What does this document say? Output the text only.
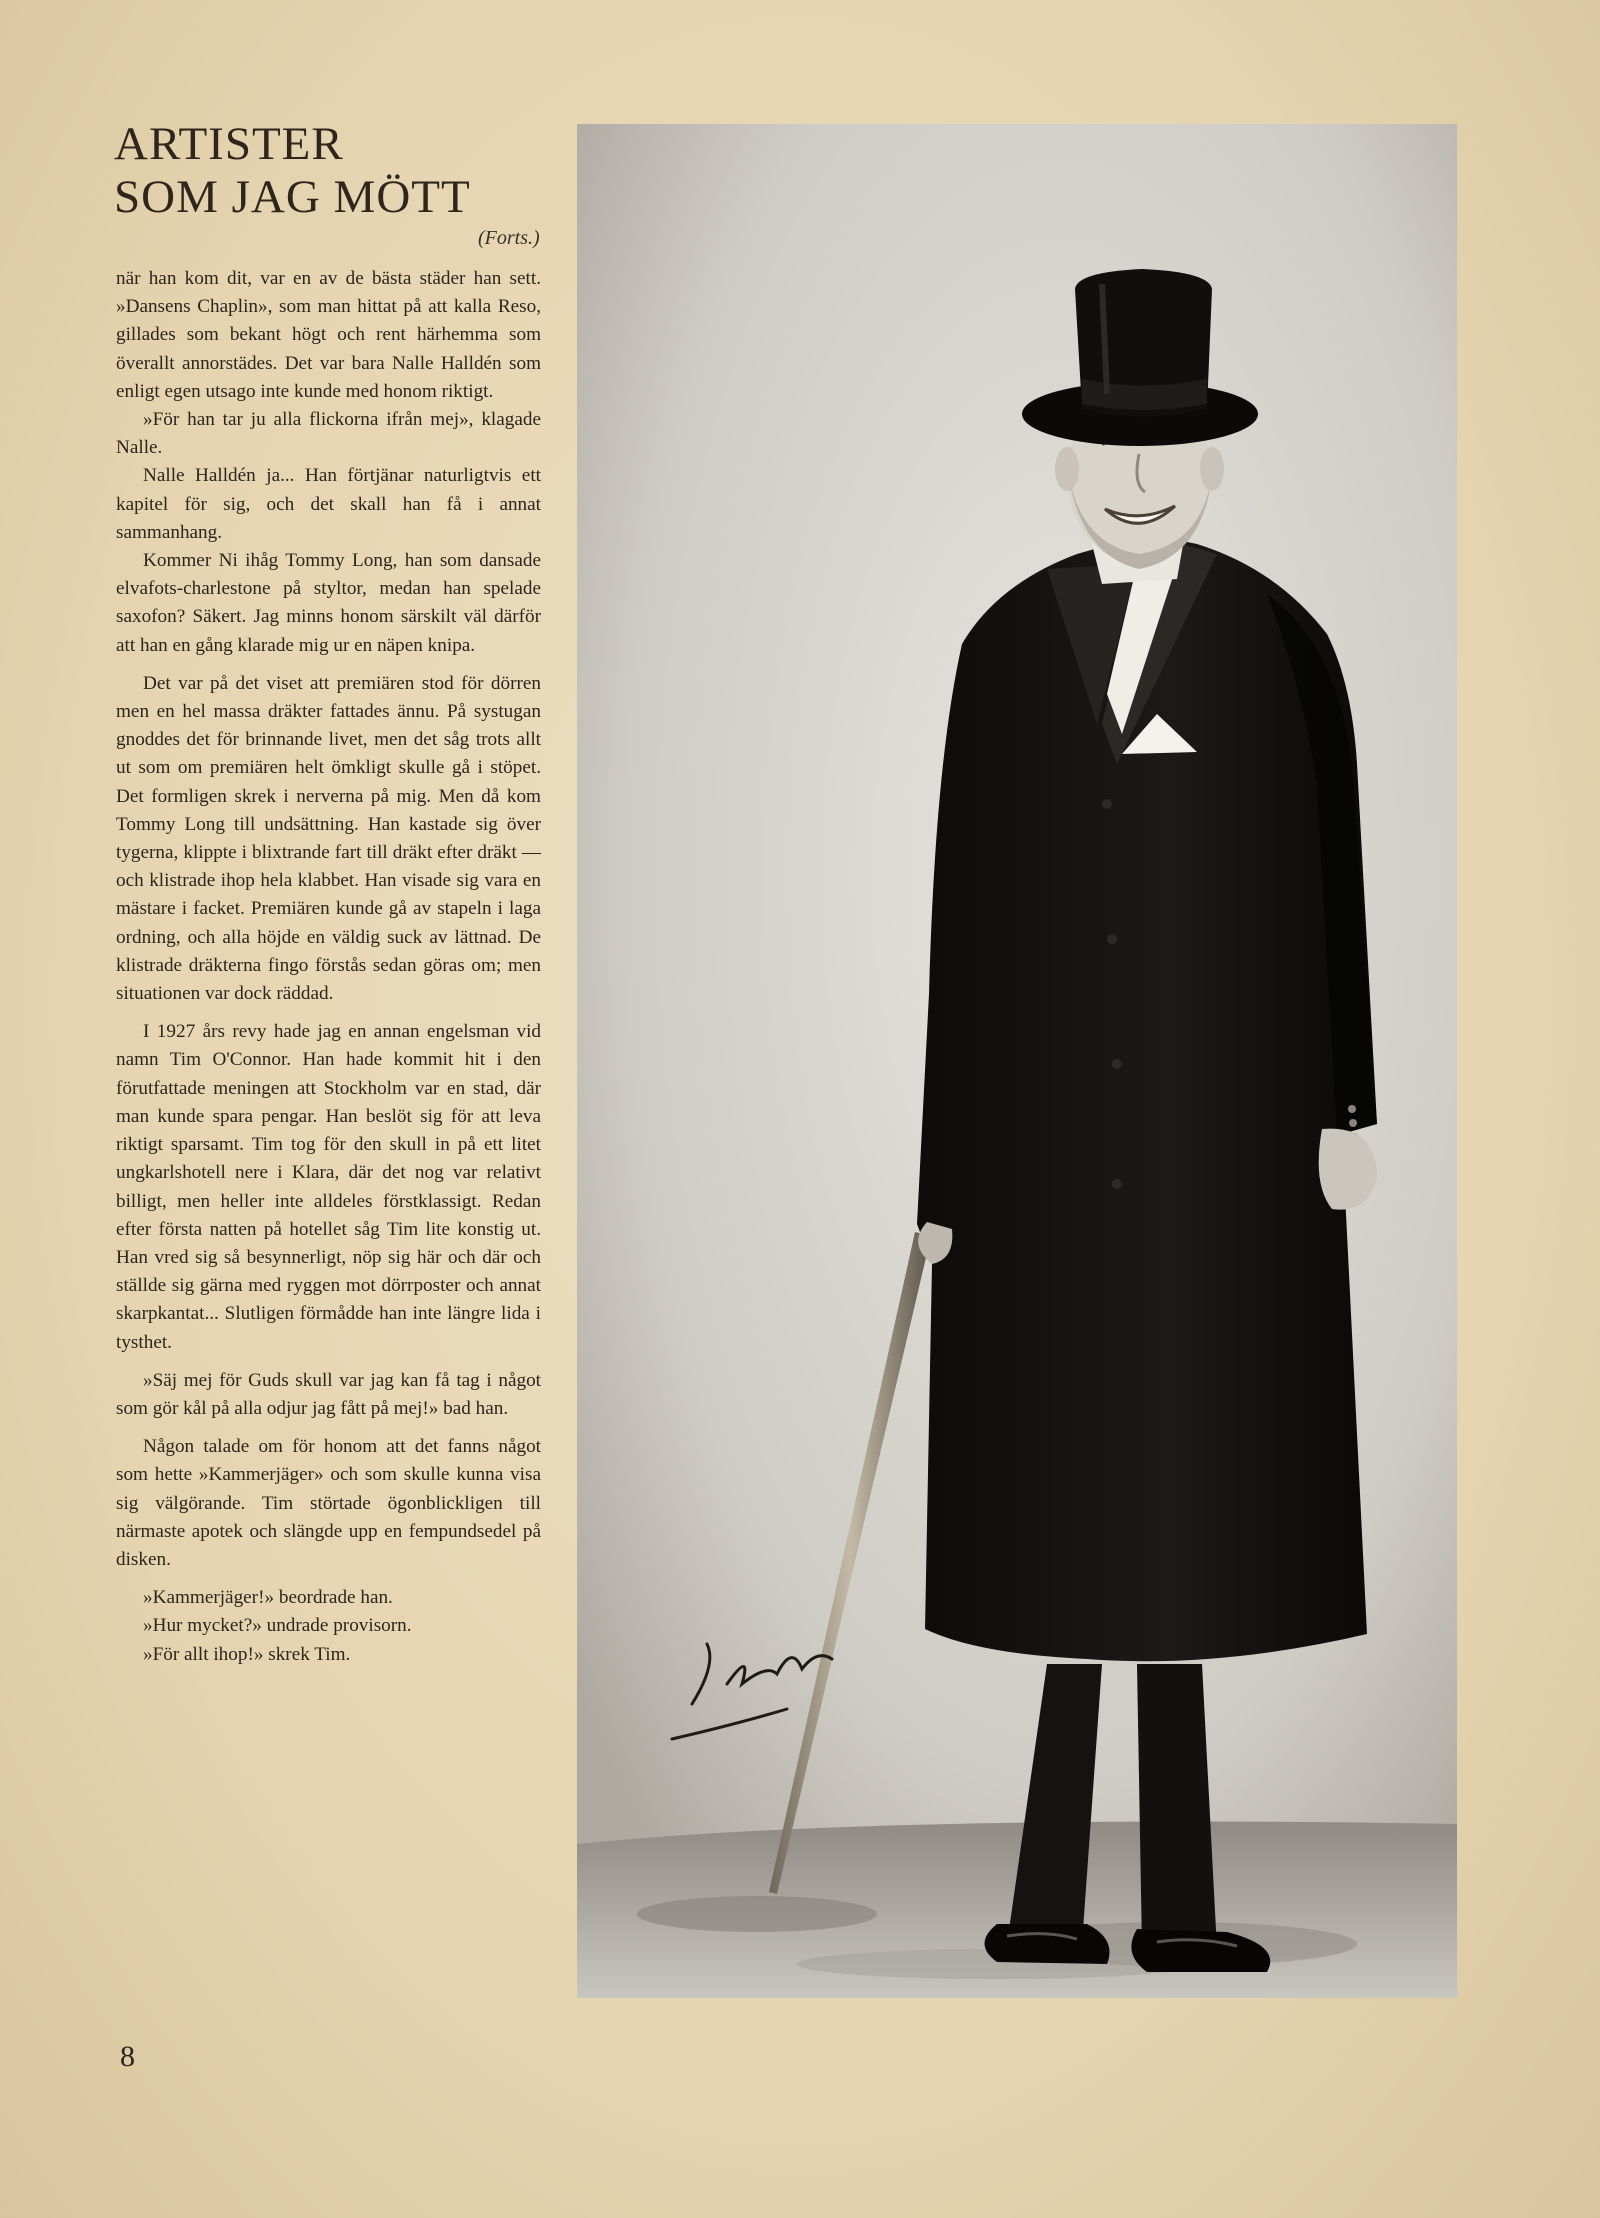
ARTISTER
SOM JAG MÖTT
(Forts.)

när han kom dit, var en av de bästa städer han sett. »Dansens Chaplin», som man hittat på att kalla Reso, gillades som bekant högt och rent härhemma som överallt annorstädes. Det var bara Nalle Halldén som enligt egen utsago inte kunde med honom riktigt.

»För han tar ju alla flickorna ifrån mej», klagade Nalle.

Nalle Halldén ja... Han förtjänar naturligtvis ett kapitel för sig, och det skall han få i annat sammanhang.

Kommer Ni ihåg Tommy Long, han som dansade elvafots-charlestone på styltor, medan han spelade saxofon? Säkert. Jag minns honom särskilt väl därför att han en gång klarade mig ur en näpen knipa.

Det var på det viset att premiären stod för dörren men en hel massa dräkter fattades ännu. På systugan gnoddes det för brinnande livet, men det såg trots allt ut som om premiären helt ömkligt skulle gå i stöpet. Det formligen skrek i nerverna på mig. Men då kom Tommy Long till undsättning. Han kastade sig över tygerna, klippte i blixtrande fart till dräkt efter dräkt — och klistrade ihop hela klabbet. Han visade sig vara en mästare i facket. Premiären kunde gå av stapeln i laga ordning, och alla höjde en väldig suck av lättnad. De klistrade dräkterna fingo förstås sedan göras om; men situationen var dock räddad.

I 1927 års revy hade jag en annan engelsman vid namn Tim O'Connor. Han hade kommit hit i den förutfattade meningen att Stockholm var en stad, där man kunde spara pengar. Han beslöt sig för att leva riktigt sparsamt. Tim tog för den skull in på ett litet ungkarlshotell nere i Klara, där det nog var relativt billigt, men heller inte alldeles förstklassigt. Redan efter första natten på hotellet såg Tim lite konstig ut. Han vred sig så besynnerligt, nöp sig här och där och ställde sig gärna med ryggen mot dörrposter och annat skarpkantat... Slutligen förmådde han inte längre lida i tysthet.

»Säj mej för Guds skull var jag kan få tag i något som gör kål på alla odjur jag fått på mej!» bad han.

Någon talade om för honom att det fanns något som hette »Kammerjäger» och som skulle kunna visa sig välgörande. Tim störtade ögonblickligen till närmaste apotek och slängde upp en fempundsedel på disken.

»Kammerjäger!» beordrade han.

»Hur mycket?» undrade provisorn.

»För allt ihop!» skrek Tim.

8
